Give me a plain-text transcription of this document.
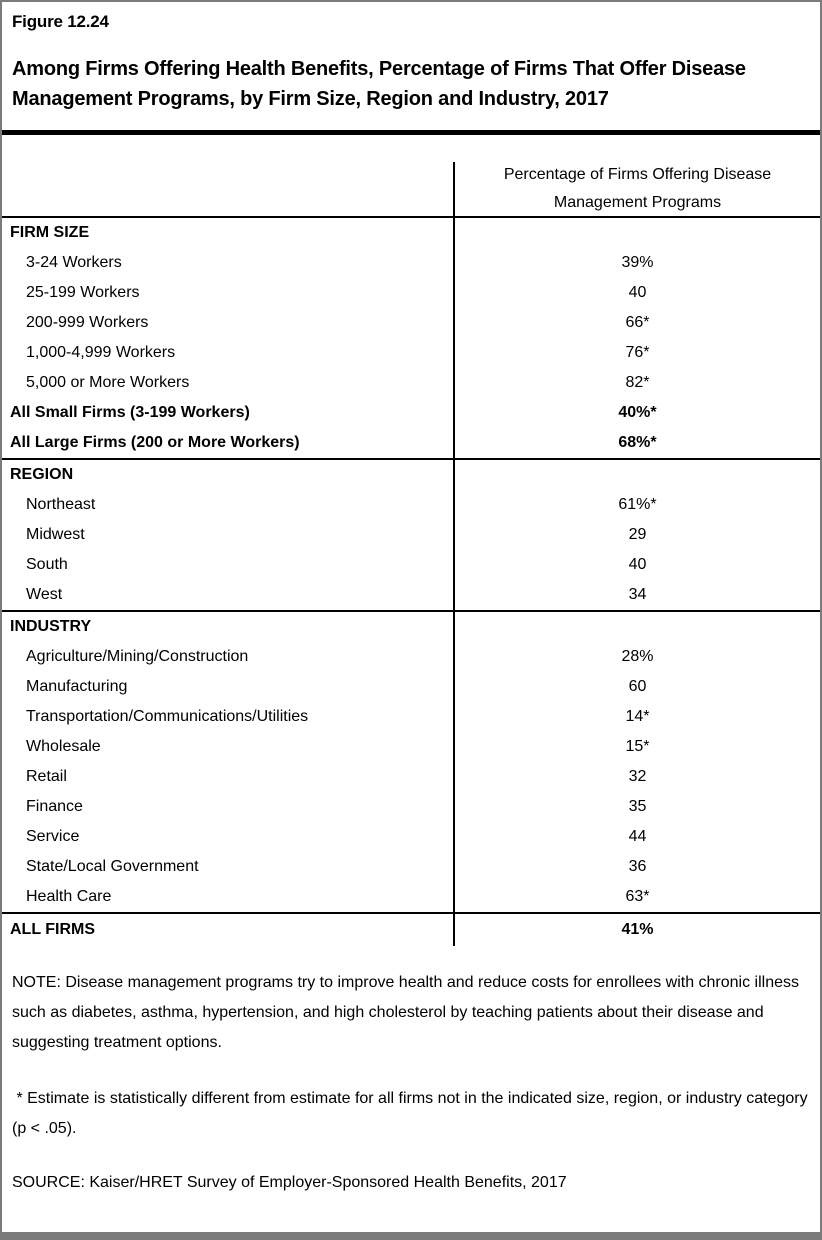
Figure 12.24
Among Firms Offering Health Benefits, Percentage of Firms That Offer Disease Management Programs, by Firm Size, Region and Industry, 2017
Percentage of Firms Offering Disease Management Programs
FIRM SIZE
3-24 Workers	39%
25-199 Workers	40
200-999 Workers	66*
1,000-4,999 Workers	76*
5,000 or More Workers	82*
All Small Firms (3-199 Workers)	40%*
All Large Firms (200 or More Workers)	68%*
REGION
Northeast	61%*
Midwest	29
South	40
West	34
INDUSTRY
Agriculture/Mining/Construction	28%
Manufacturing	60
Transportation/Communications/Utilities	14*
Wholesale	15*
Retail	32
Finance	35
Service	44
State/Local Government	36
Health Care	63*
ALL FIRMS	41%
NOTE: Disease management programs try to improve health and reduce costs for enrollees with chronic illness such as diabetes, asthma, hypertension, and high cholesterol by teaching patients about their disease and suggesting treatment options.
* Estimate is statistically different from estimate for all firms not in the indicated size, region, or industry category (p < .05).
SOURCE: Kaiser/HRET Survey of Employer-Sponsored Health Benefits, 2017
